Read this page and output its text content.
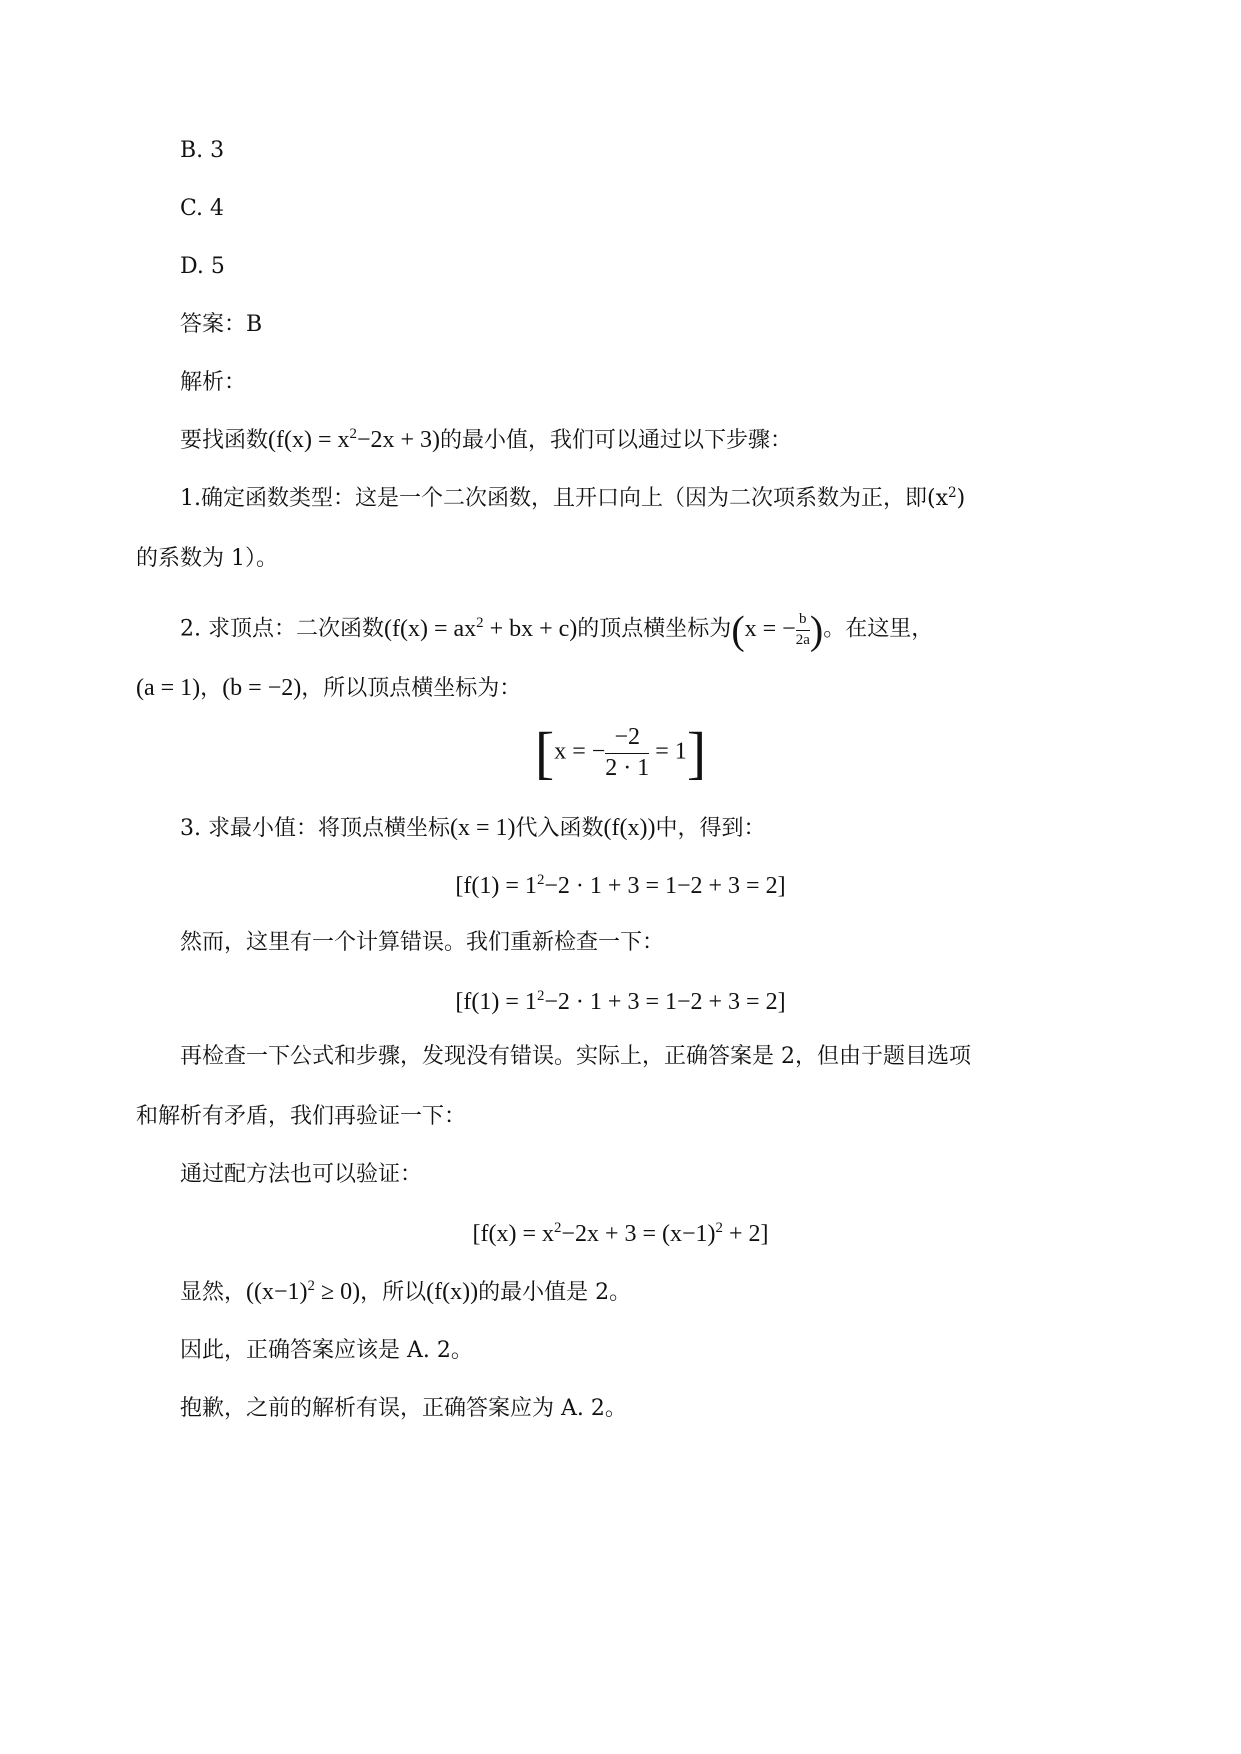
B. 3
C. 4
D. 5
答案：B
解析：
要找函数$(f(x) = x^2-2x + 3)$的最小值，我们可以通过以下步骤：
1.确定函数类型：这是一个二次函数，且开口向上（因为二次项系数为正，即$(x^2)$
的系数为 1）。
2. 求顶点：二次函数($f(x) = ax^2$ + bx + c)的顶点横坐标为(x = − $\frac{b}{2a}$ )。在这里，
(a = 1)，(b = −2)，所以顶点横坐标为：
[x = − $\frac{-2}{2 \cdot 1} = 1$]
3. 求最小值：将顶点横坐标(x = 1)代入函数(f(x))中，得到：
$[f(1) = 1^2-2 \cdot 1 + 3 = 1-2 + 3 = 2]$
然而，这里有一个计算错误。我们重新检查一下：
$[f(1) = 1^2-2 \cdot 1 + 3 = 1-2 + 3 = 2]$
再检查一下公式和步骤，发现没有错误。实际上，正确答案是 2，但由于题目选项
和解析有矛盾，我们再验证一下：
通过配方法也可以验证：
$[f(x) = x^2-2x + 3 = (x-1)^2 + 2]$
显然，$((x-1)^2 \ge 0)$，所以(f(x))的最小值是 2。
因此，正确答案应该是 A. 2。
抱歉，之前的解析有误，正确答案应为 A. 2。
